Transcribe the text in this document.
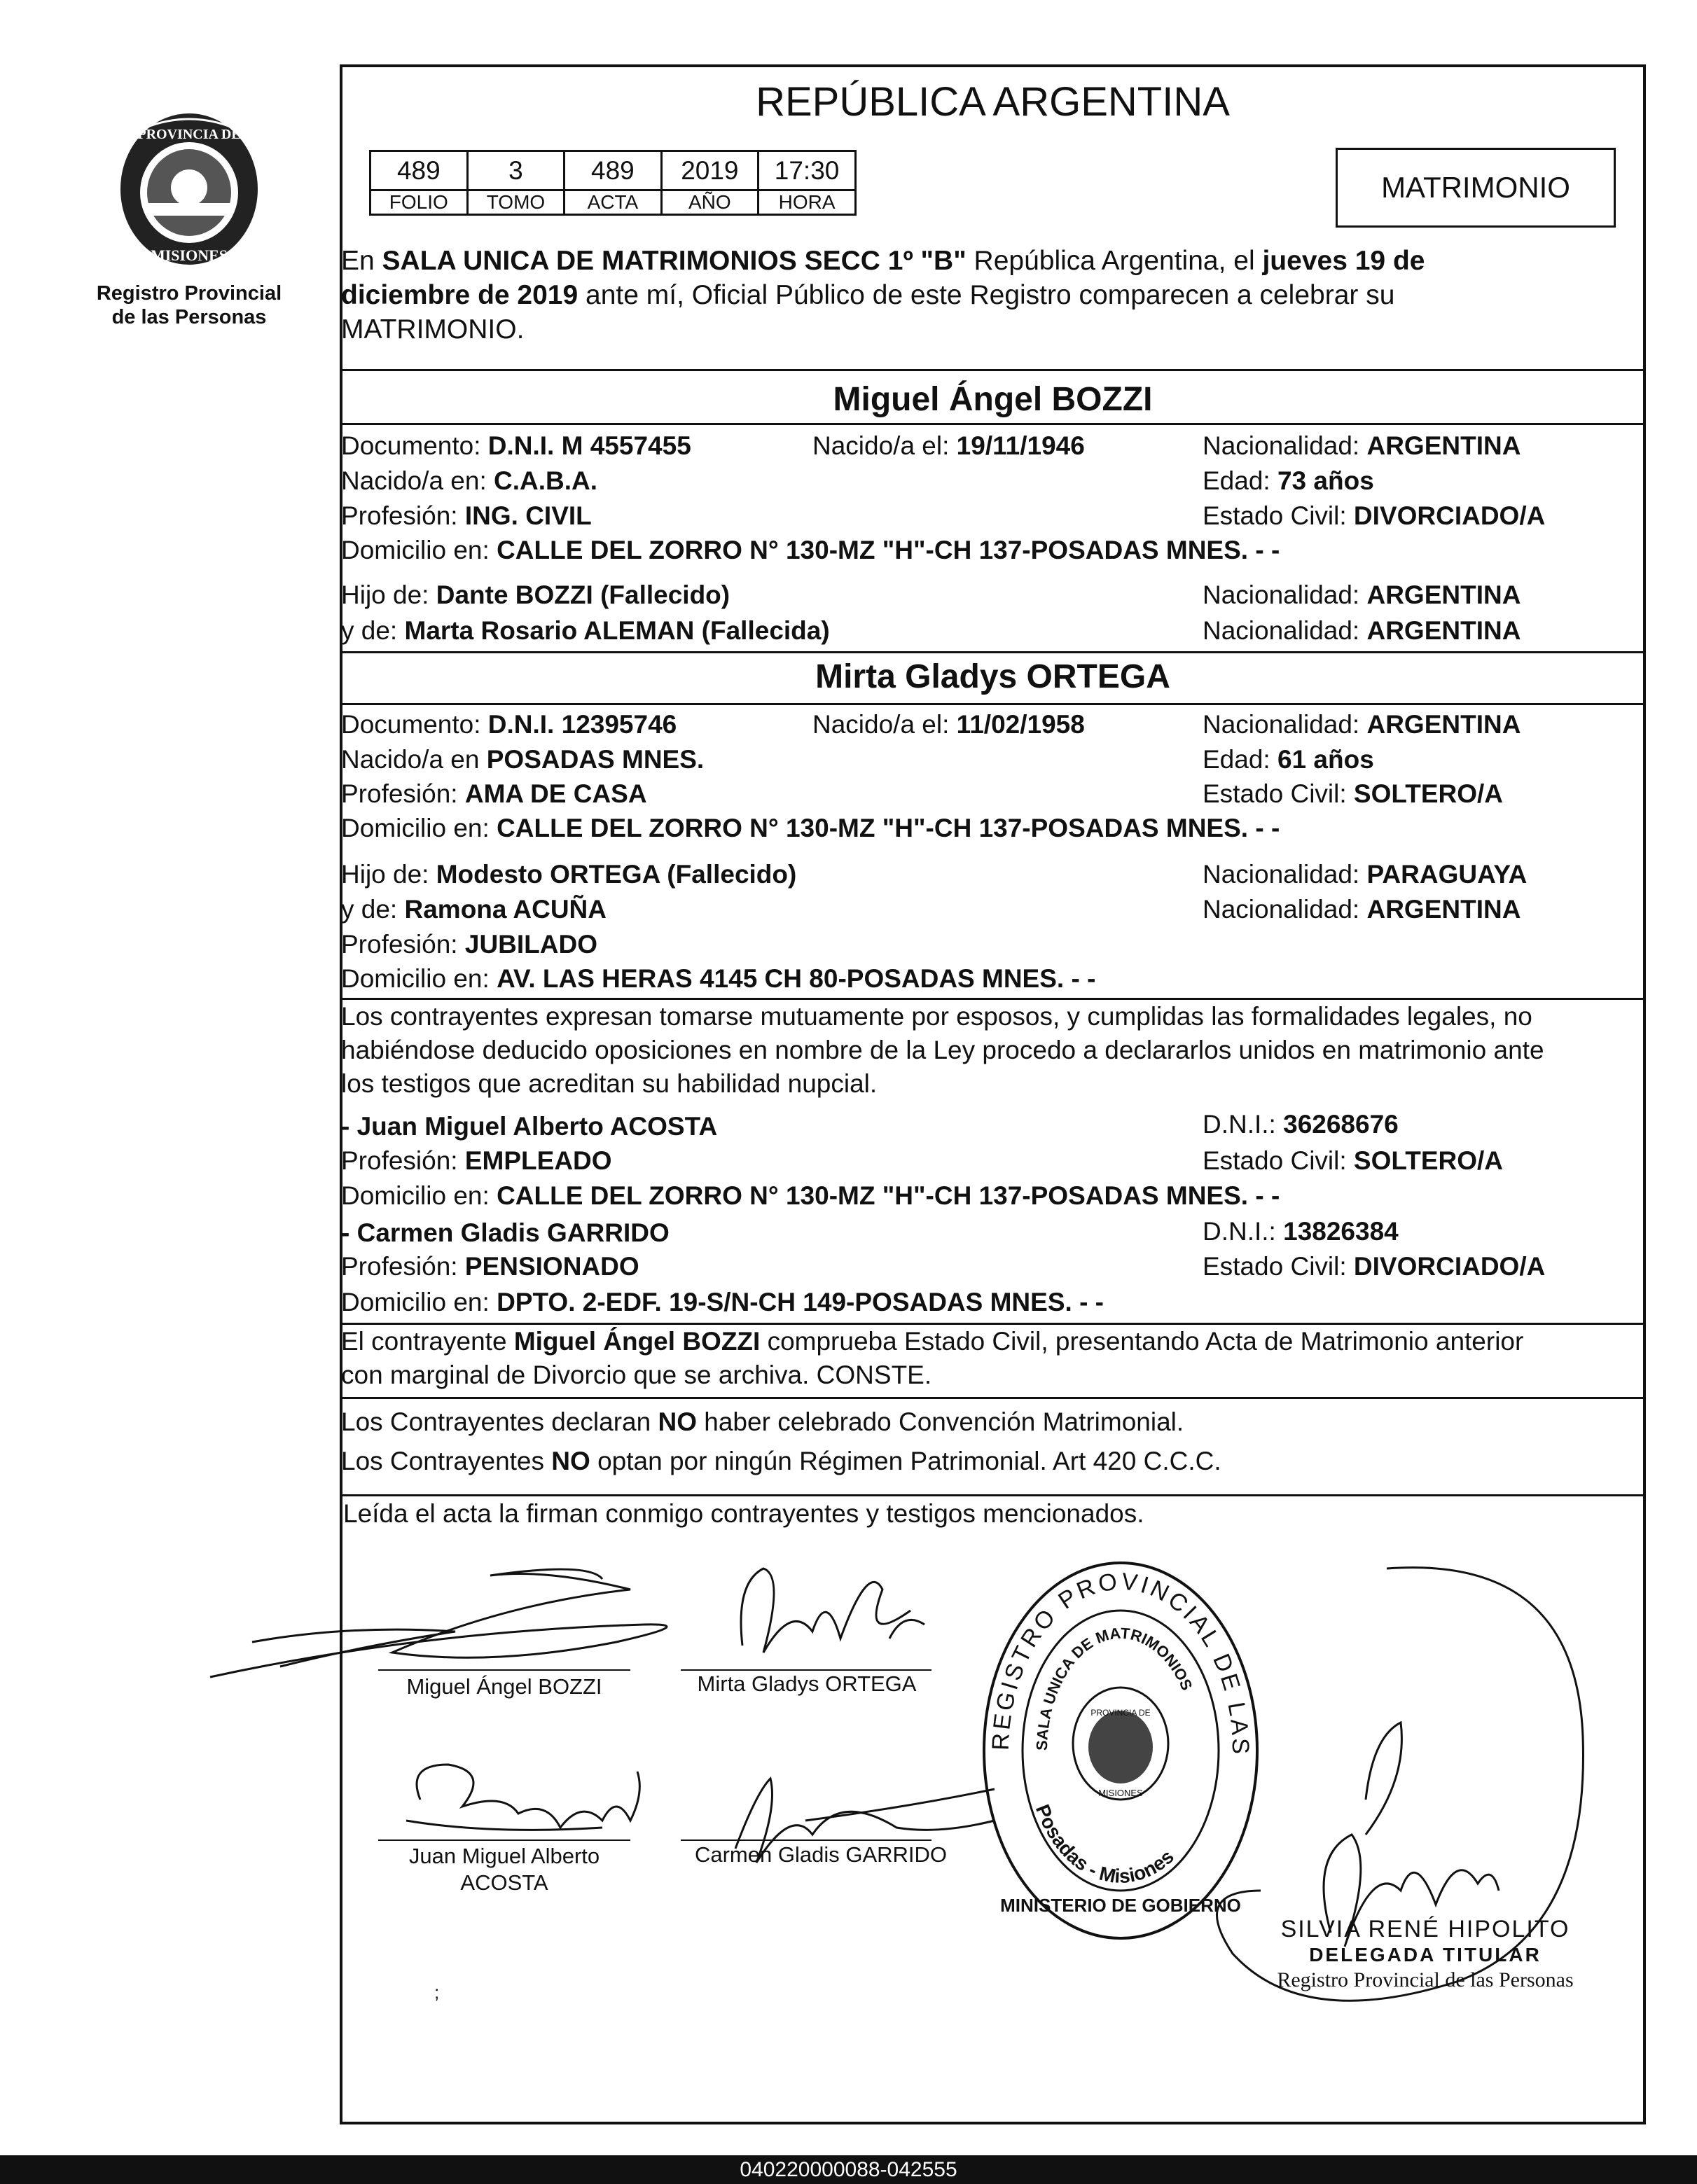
PROVINCIA DE
MISIONES
Registro Provincial
de las Personas
REPÚBLICA ARGENTINA
489	3	489	2019	17:30
FOLIO	TOMO	ACTA	AÑO	HORA	MATRIMONIO
En SALA UNICA DE MATRIMONIOS SECC 1º "B" República Argentina, el jueves 19 de
diciembre de 2019 ante mí, Oficial Público de este Registro comparecen a celebrar su
MATRIMONIO.
Miguel Ángel BOZZI
Documento: D.N.I. M 4557455	Nacido/a el: 19/11/1946	Nacionalidad: ARGENTINA
Nacido/a en: C.A.B.A.	Edad: 73 años
Profesión: ING. CIVIL	Estado Civil: DIVORCIADO/A
Domicilio en: CALLE DEL ZORRO N° 130-MZ "H"-CH 137-POSADAS MNES. - -
Hijo de: Dante BOZZI (Fallecido)	Nacionalidad: ARGENTINA
y de: Marta Rosario ALEMAN (Fallecida)	Nacionalidad: ARGENTINA
Mirta Gladys ORTEGA
Documento: D.N.I. 12395746	Nacido/a el: 11/02/1958	Nacionalidad: ARGENTINA
Nacido/a en POSADAS MNES.	Edad: 61 años
Profesión: AMA DE CASA	Estado Civil: SOLTERO/A
Domicilio en: CALLE DEL ZORRO N° 130-MZ "H"-CH 137-POSADAS MNES. - -
Hijo de: Modesto ORTEGA (Fallecido)	Nacionalidad: PARAGUAYA
y de: Ramona ACUÑA	Nacionalidad: ARGENTINA
Profesión: JUBILADO
Domicilio en: AV. LAS HERAS 4145 CH 80-POSADAS MNES. - -
Los contrayentes expresan tomarse mutuamente por esposos, y cumplidas las formalidades legales, no
habiéndose deducido oposiciones en nombre de la Ley procedo a declararlos unidos en matrimonio ante
los testigos que acreditan su habilidad nupcial.
- Juan Miguel Alberto ACOSTA	D.N.I.: 36268676
Profesión: EMPLEADO	Estado Civil: SOLTERO/A
Domicilio en: CALLE DEL ZORRO N° 130-MZ "H"-CH 137-POSADAS MNES. - -
- Carmen Gladis GARRIDO	D.N.I.: 13826384
Profesión: PENSIONADO	Estado Civil: DIVORCIADO/A
Domicilio en: DPTO. 2-EDF. 19-S/N-CH 149-POSADAS MNES. - -
El contrayente Miguel Ángel BOZZI comprueba Estado Civil, presentando Acta de Matrimonio anterior
con marginal de Divorcio que se archiva. CONSTE.
Los Contrayentes declaran NO haber celebrado Convención Matrimonial.
Los Contrayentes NO optan por ningún Régimen Patrimonial. Art 420 C.C.C.
Leída el acta la firman conmigo contrayentes y testigos mencionados.
Miguel Ángel BOZZI	Mirta Gladys ORTEGA
Juan Miguel Alberto
ACOSTA
Carmen Gladis GARRIDO
REGISTRO PROVINCIAL DE LAS
SALA UNICA DE MATRIMONIOS
Posadas - Misiones
MINISTERIO DE GOBIERNO
PROVINCIA DE
MISIONES
SILVIA RENÉ HIPOLITO
DELEGADA TITULAR
Registro Provincial de las Personas
;
040220000088-042555
